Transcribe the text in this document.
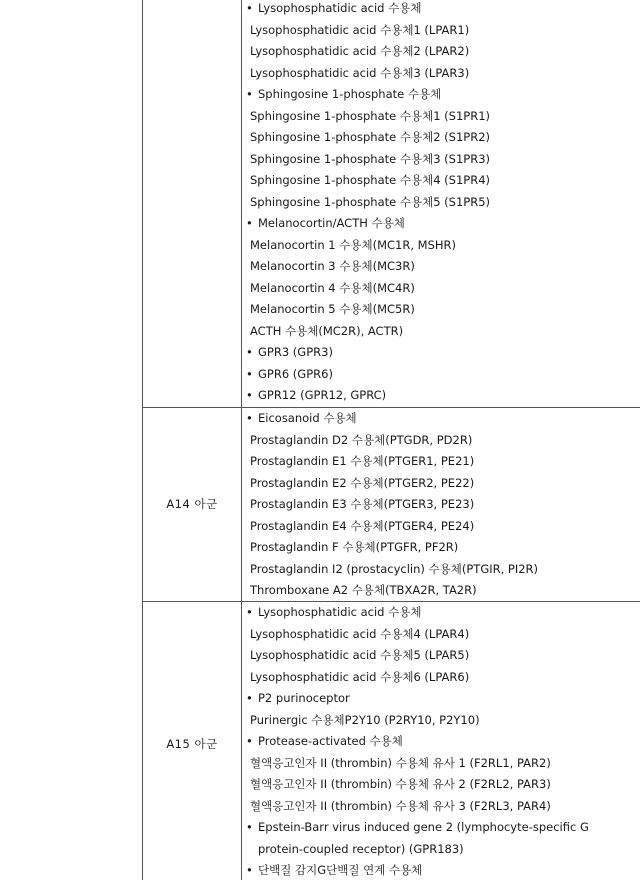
A14 아군
A15 아군
• Lysophosphatidic acid 수용체
Lysophosphatidic acid 수용체1 (LPAR1)
Lysophosphatidic acid 수용체2 (LPAR2)
Lysophosphatidic acid 수용체3 (LPAR3)
• Sphingosine 1-phosphate 수용체
Sphingosine 1-phosphate 수용체1 (S1PR1)
Sphingosine 1-phosphate 수용체2 (S1PR2)
Sphingosine 1-phosphate 수용체3 (S1PR3)
Sphingosine 1-phosphate 수용체4 (S1PR4)
Sphingosine 1-phosphate 수용체5 (S1PR5)
• Melanocortin/ACTH 수용체
Melanocortin 1 수용체(MC1R, MSHR)
Melanocortin 3 수용체(MC3R)
Melanocortin 4 수용체(MC4R)
Melanocortin 5 수용체(MC5R)
ACTH 수용체(MC2R), ACTR)
• GPR3 (GPR3)
• GPR6 (GPR6)
• GPR12 (GPR12, GPRC)
• Eicosanoid 수용체
Prostaglandin D2 수용체(PTGDR, PD2R)
Prostaglandin E1 수용체(PTGER1, PE21)
Prostaglandin E2 수용체(PTGER2, PE22)
Prostaglandin E3 수용체(PTGER3, PE23)
Prostaglandin E4 수용체(PTGER4, PE24)
Prostaglandin F 수용체(PTGFR, PF2R)
Prostaglandin I2 (prostacyclin) 수용체(PTGIR, PI2R)
Thromboxane A2 수용체(TBXA2R, TA2R)
• Lysophosphatidic acid 수용체
Lysophosphatidic acid 수용체4 (LPAR4)
Lysophosphatidic acid 수용체5 (LPAR5)
Lysophosphatidic acid 수용체6 (LPAR6)
• P2 purinoceptor
Purinergic 수용체P2Y10 (P2RY10, P2Y10)
• Protease-activated 수용체
혈액응고인자 II (thrombin) 수용체 유사 1 (F2RL1, PAR2)
혈액응고인자 II (thrombin) 수용체 유사 2 (F2RL2, PAR3)
혈액응고인자 II (thrombin) 수용체 유사 3 (F2RL3, PAR4)
• Epstein-Barr virus induced gene 2 (lymphocyte-specific G
protein-coupled receptor) (GPR183)
• 단백질 감지G단백질 연계 수용체
